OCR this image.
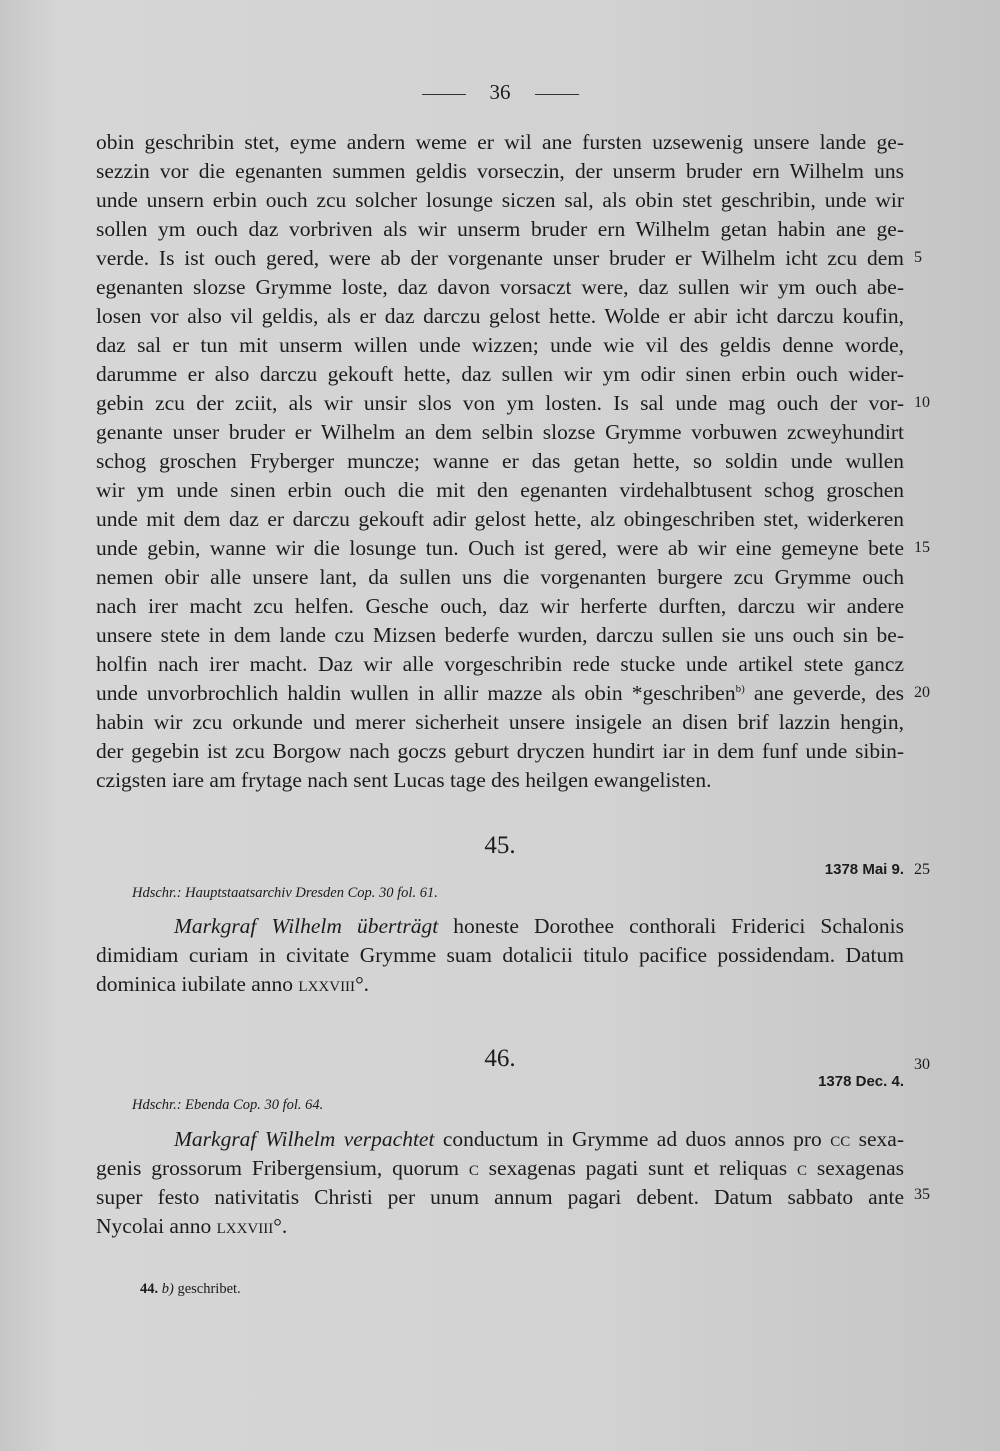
36
obin geschribin stet, eyme andern weme er wil ane fursten uzsewenig unsere lande ge-
sezzin vor die egenanten summen geldis vorseczin, der unserm bruder ern Wilhelm uns
unde unsern erbin ouch zcu solcher losunge siczen sal, als obin stet geschribin, unde wir
sollen ym ouch daz vorbriven als wir unserm bruder ern Wilhelm getan habin ane ge-
verde. Is ist ouch gered, were ab der vorgenante unser bruder er Wilhelm icht zcu dem
egenanten slozse Grymme loste, daz davon vorsaczt were, daz sullen wir ym ouch abe-
losen vor also vil geldis, als er daz darczu gelost hette. Wolde er abir icht darczu koufin,
daz sal er tun mit unserm willen unde wizzen; unde wie vil des geldis denne worde,
darumme er also darczu gekouft hette, daz sullen wir ym odir sinen erbin ouch wider-
gebin zcu der zciit, als wir unsir slos von ym losten. Is sal unde mag ouch der vor-
genante unser bruder er Wilhelm an dem selbin slozse Grymme vorbuwen zcweyhundirt
schog groschen Fryberger muncze; wanne er das getan hette, so soldin unde wullen
wir ym unde sinen erbin ouch die mit den egenanten virdehalbtusent schog groschen
unde mit dem daz er darczu gekouft adir gelost hette, alz obingeschriben stet, widerkeren
unde gebin, wanne wir die losunge tun. Ouch ist gered, were ab wir eine gemeyne bete
nemen obir alle unsere lant, da sullen uns die vorgenanten burgere zcu Grymme ouch
nach irer macht zcu helfen. Gesche ouch, daz wir herferte durften, darczu wir andere
unsere stete in dem lande czu Mizsen bederfe wurden, darczu sullen sie uns ouch sin be-
holfin nach irer macht. Daz wir alle vorgeschribin rede stucke unde artikel stete gancz
unde unvorbrochlich haldin wullen in allir mazze als obin *geschriben$^{b)}$ ane geverde, des
habin wir zcu orkunde und merer sicherheit unsere insigele an disen brif lazzin hengin,
der gegebin ist zcu Borgow nach goczs geburt dryczen hundirt iar in dem funf unde sibin-
czigsten iare am frytage nach sent Lucas tage des heilgen ewangelisten.
5
10
15
20
25
30
35
45.
1378 Mai 9.
Hdschr.: Hauptstaatsarchiv Dresden Cop. 30 fol. 61.
Markgraf Wilhelm überträgt honeste Dorothee conthorali Friderici Schalonis
dimidiam curiam in civitate Grymme suam dotalicii titulo pacifice possidendam. Datum
dominica iubilate anno lxxviii°.
46.
1378 Dec. 4.
Hdschr.: Ebenda Cop. 30 fol. 64.
Markgraf Wilhelm verpachtet conductum in Grymme ad duos annos pro cc sexa-
genis grossorum Fribergensium, quorum c sexagenas pagati sunt et reliquas c sexagenas
super festo nativitatis Christi per unum annum pagari debent. Datum sabbato ante
Nycolai anno lxxviii°.
44. b) geschribet.
